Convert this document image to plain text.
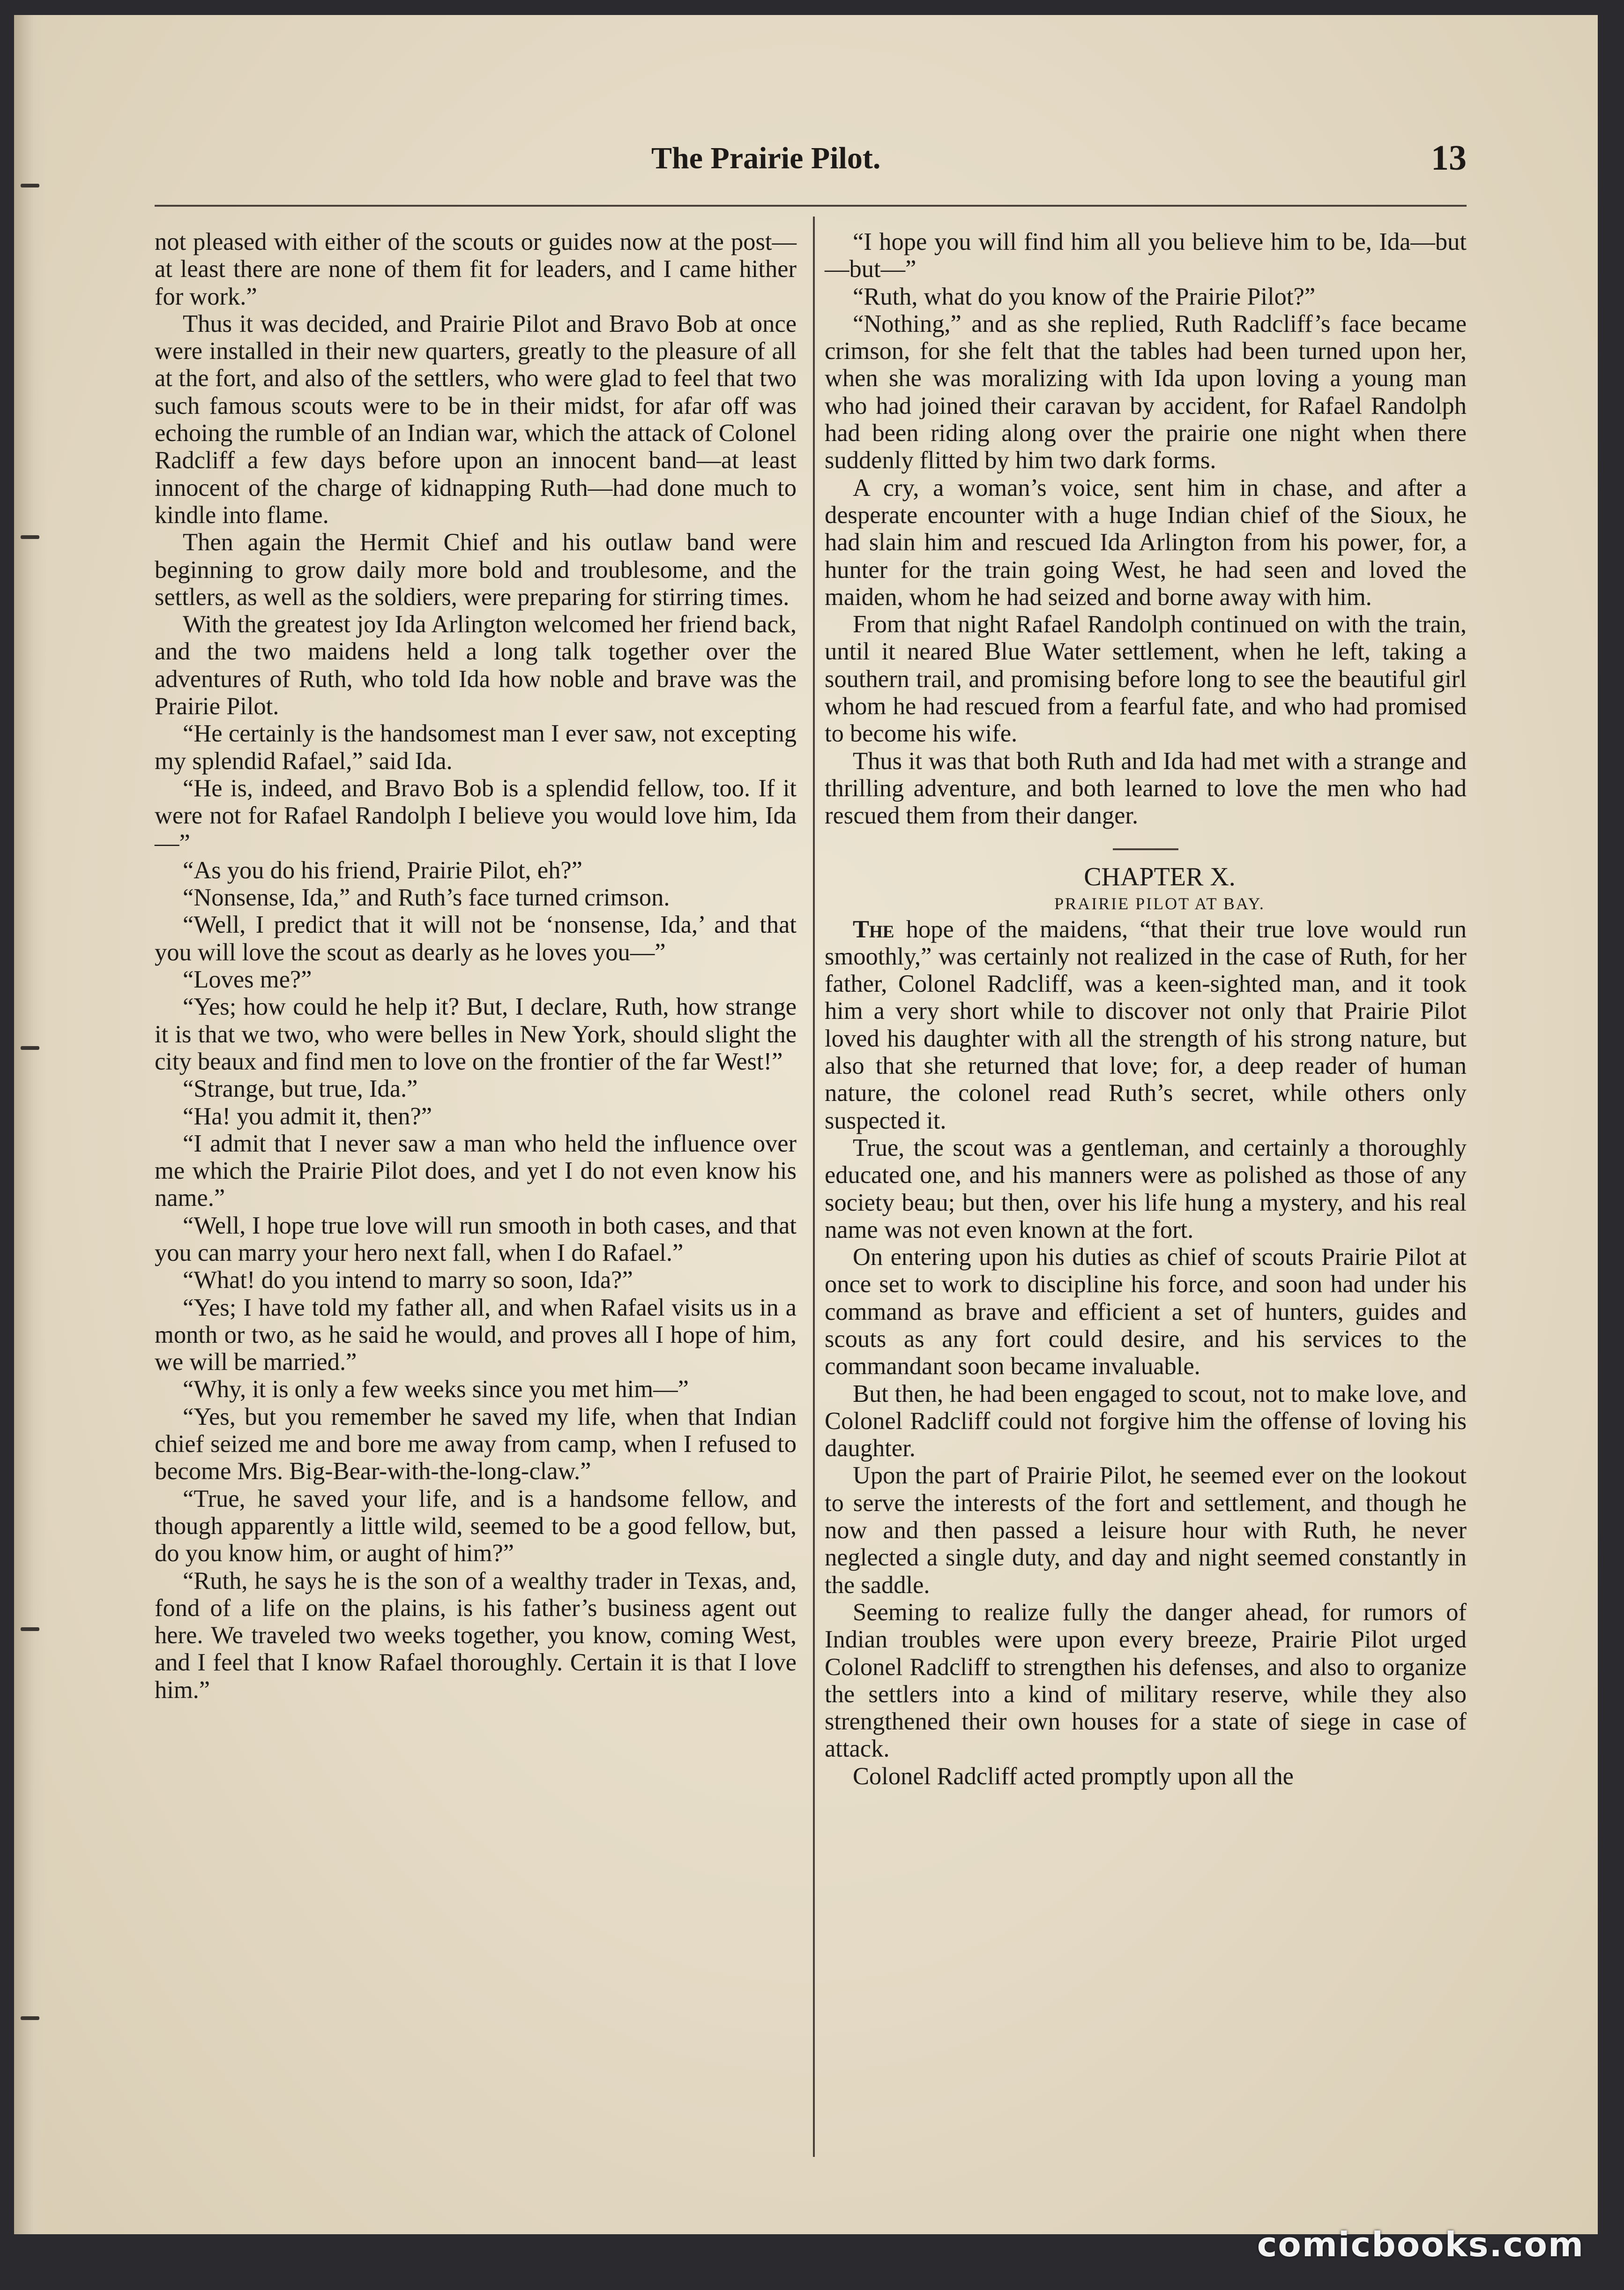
The Prairie Pilot.	13

not pleased with either of the scouts or guides now at the post—at least there are none of them fit for leaders, and I came hither for work.”

Thus it was decided, and Prairie Pilot and Bravo Bob at once were installed in their new quarters, greatly to the pleasure of all at the fort, and also of the settlers, who were glad to feel that two such famous scouts were to be in their midst, for afar off was echoing the rumble of an Indian war, which the attack of Colonel Radcliff a few days before upon an innocent band—at least innocent of the charge of kidnapping Ruth—had done much to kindle into flame.

Then again the Hermit Chief and his outlaw band were beginning to grow daily more bold and troublesome, and the settlers, as well as the soldiers, were preparing for stirring times.

With the greatest joy Ida Arlington welcomed her friend back, and the two maidens held a long talk together over the adventures of Ruth, who told Ida how noble and brave was the Prairie Pilot.

“He certainly is the handsomest man I ever saw, not excepting my splendid Rafael,” said Ida.

“He is, indeed, and Bravo Bob is a splendid fellow, too. If it were not for Rafael Randolph I believe you would love him, Ida—”

“As you do his friend, Prairie Pilot, eh?”

“Nonsense, Ida,” and Ruth’s face turned crimson.

“Well, I predict that it will not be ‘nonsense, Ida,’ and that you will love the scout as dearly as he loves you—”

“Loves me?”

“Yes; how could he help it? But, I declare, Ruth, how strange it is that we two, who were belles in New York, should slight the city beaux and find men to love on the frontier of the far West!”

“Strange, but true, Ida.”

“Ha! you admit it, then?”

“I admit that I never saw a man who held the influence over me which the Prairie Pilot does, and yet I do not even know his name.”

“Well, I hope true love will run smooth in both cases, and that you can marry your hero next fall, when I do Rafael.”

“What! do you intend to marry so soon, Ida?”

“Yes; I have told my father all, and when Rafael visits us in a month or two, as he said he would, and proves all I hope of him, we will be married.”

“Why, it is only a few weeks since you met him—”

“Yes, but you remember he saved my life, when that Indian chief seized me and bore me away from camp, when I refused to become Mrs. Big-Bear-with-the-long-claw.”

“True, he saved your life, and is a handsome fellow, and though apparently a little wild, seemed to be a good fellow, but, do you know him, or aught of him?”

“Ruth, he says he is the son of a wealthy trader in Texas, and, fond of a life on the plains, is his father’s business agent out here. We traveled two weeks together, you know, coming West, and I feel that I know Rafael thoroughly. Certain it is that I love him.”

“I hope you will find him all you believe him to be, Ida—but—but—”

“Ruth, what do you know of the Prairie Pilot?”

“Nothing,” and as she replied, Ruth Radcliff’s face became crimson, for she felt that the tables had been turned upon her, when she was moralizing with Ida upon loving a young man who had joined their caravan by accident, for Rafael Randolph had been riding along over the prairie one night when there suddenly flitted by him two dark forms.

A cry, a woman’s voice, sent him in chase, and after a desperate encounter with a huge Indian chief of the Sioux, he had slain him and rescued Ida Arlington from his power, for, a hunter for the train going West, he had seen and loved the maiden, whom he had seized and borne away with him.

From that night Rafael Randolph continued on with the train, until it neared Blue Water settlement, when he left, taking a southern trail, and promising before long to see the beautiful girl whom he had rescued from a fearful fate, and who had promised to become his wife.

Thus it was that both Ruth and Ida had met with a strange and thrilling adventure, and both learned to love the men who had rescued them from their danger.

CHAPTER X.

PRAIRIE PILOT AT BAY.

The hope of the maidens, “that their true love would run smoothly,” was certainly not realized in the case of Ruth, for her father, Colonel Radcliff, was a keen-sighted man, and it took him a very short while to discover not only that Prairie Pilot loved his daughter with all the strength of his strong nature, but also that she returned that love; for, a deep reader of human nature, the colonel read Ruth’s secret, while others only suspected it.

True, the scout was a gentleman, and certainly a thoroughly educated one, and his manners were as polished as those of any society beau; but then, over his life hung a mystery, and his real name was not even known at the fort.

On entering upon his duties as chief of scouts Prairie Pilot at once set to work to discipline his force, and soon had under his command as brave and efficient a set of hunters, guides and scouts as any fort could desire, and his services to the commandant soon became invaluable.

But then, he had been engaged to scout, not to make love, and Colonel Radcliff could not forgive him the offense of loving his daughter.

Upon the part of Prairie Pilot, he seemed ever on the lookout to serve the interests of the fort and settlement, and though he now and then passed a leisure hour with Ruth, he never neglected a single duty, and day and night seemed constantly in the saddle.

Seeming to realize fully the danger ahead, for rumors of Indian troubles were upon every breeze, Prairie Pilot urged Colonel Radcliff to strengthen his defenses, and also to organize the settlers into a kind of military reserve, while they also strengthened their own houses for a state of siege in case of attack.

Colonel Radcliff acted promptly upon all the

comicbooks.com
